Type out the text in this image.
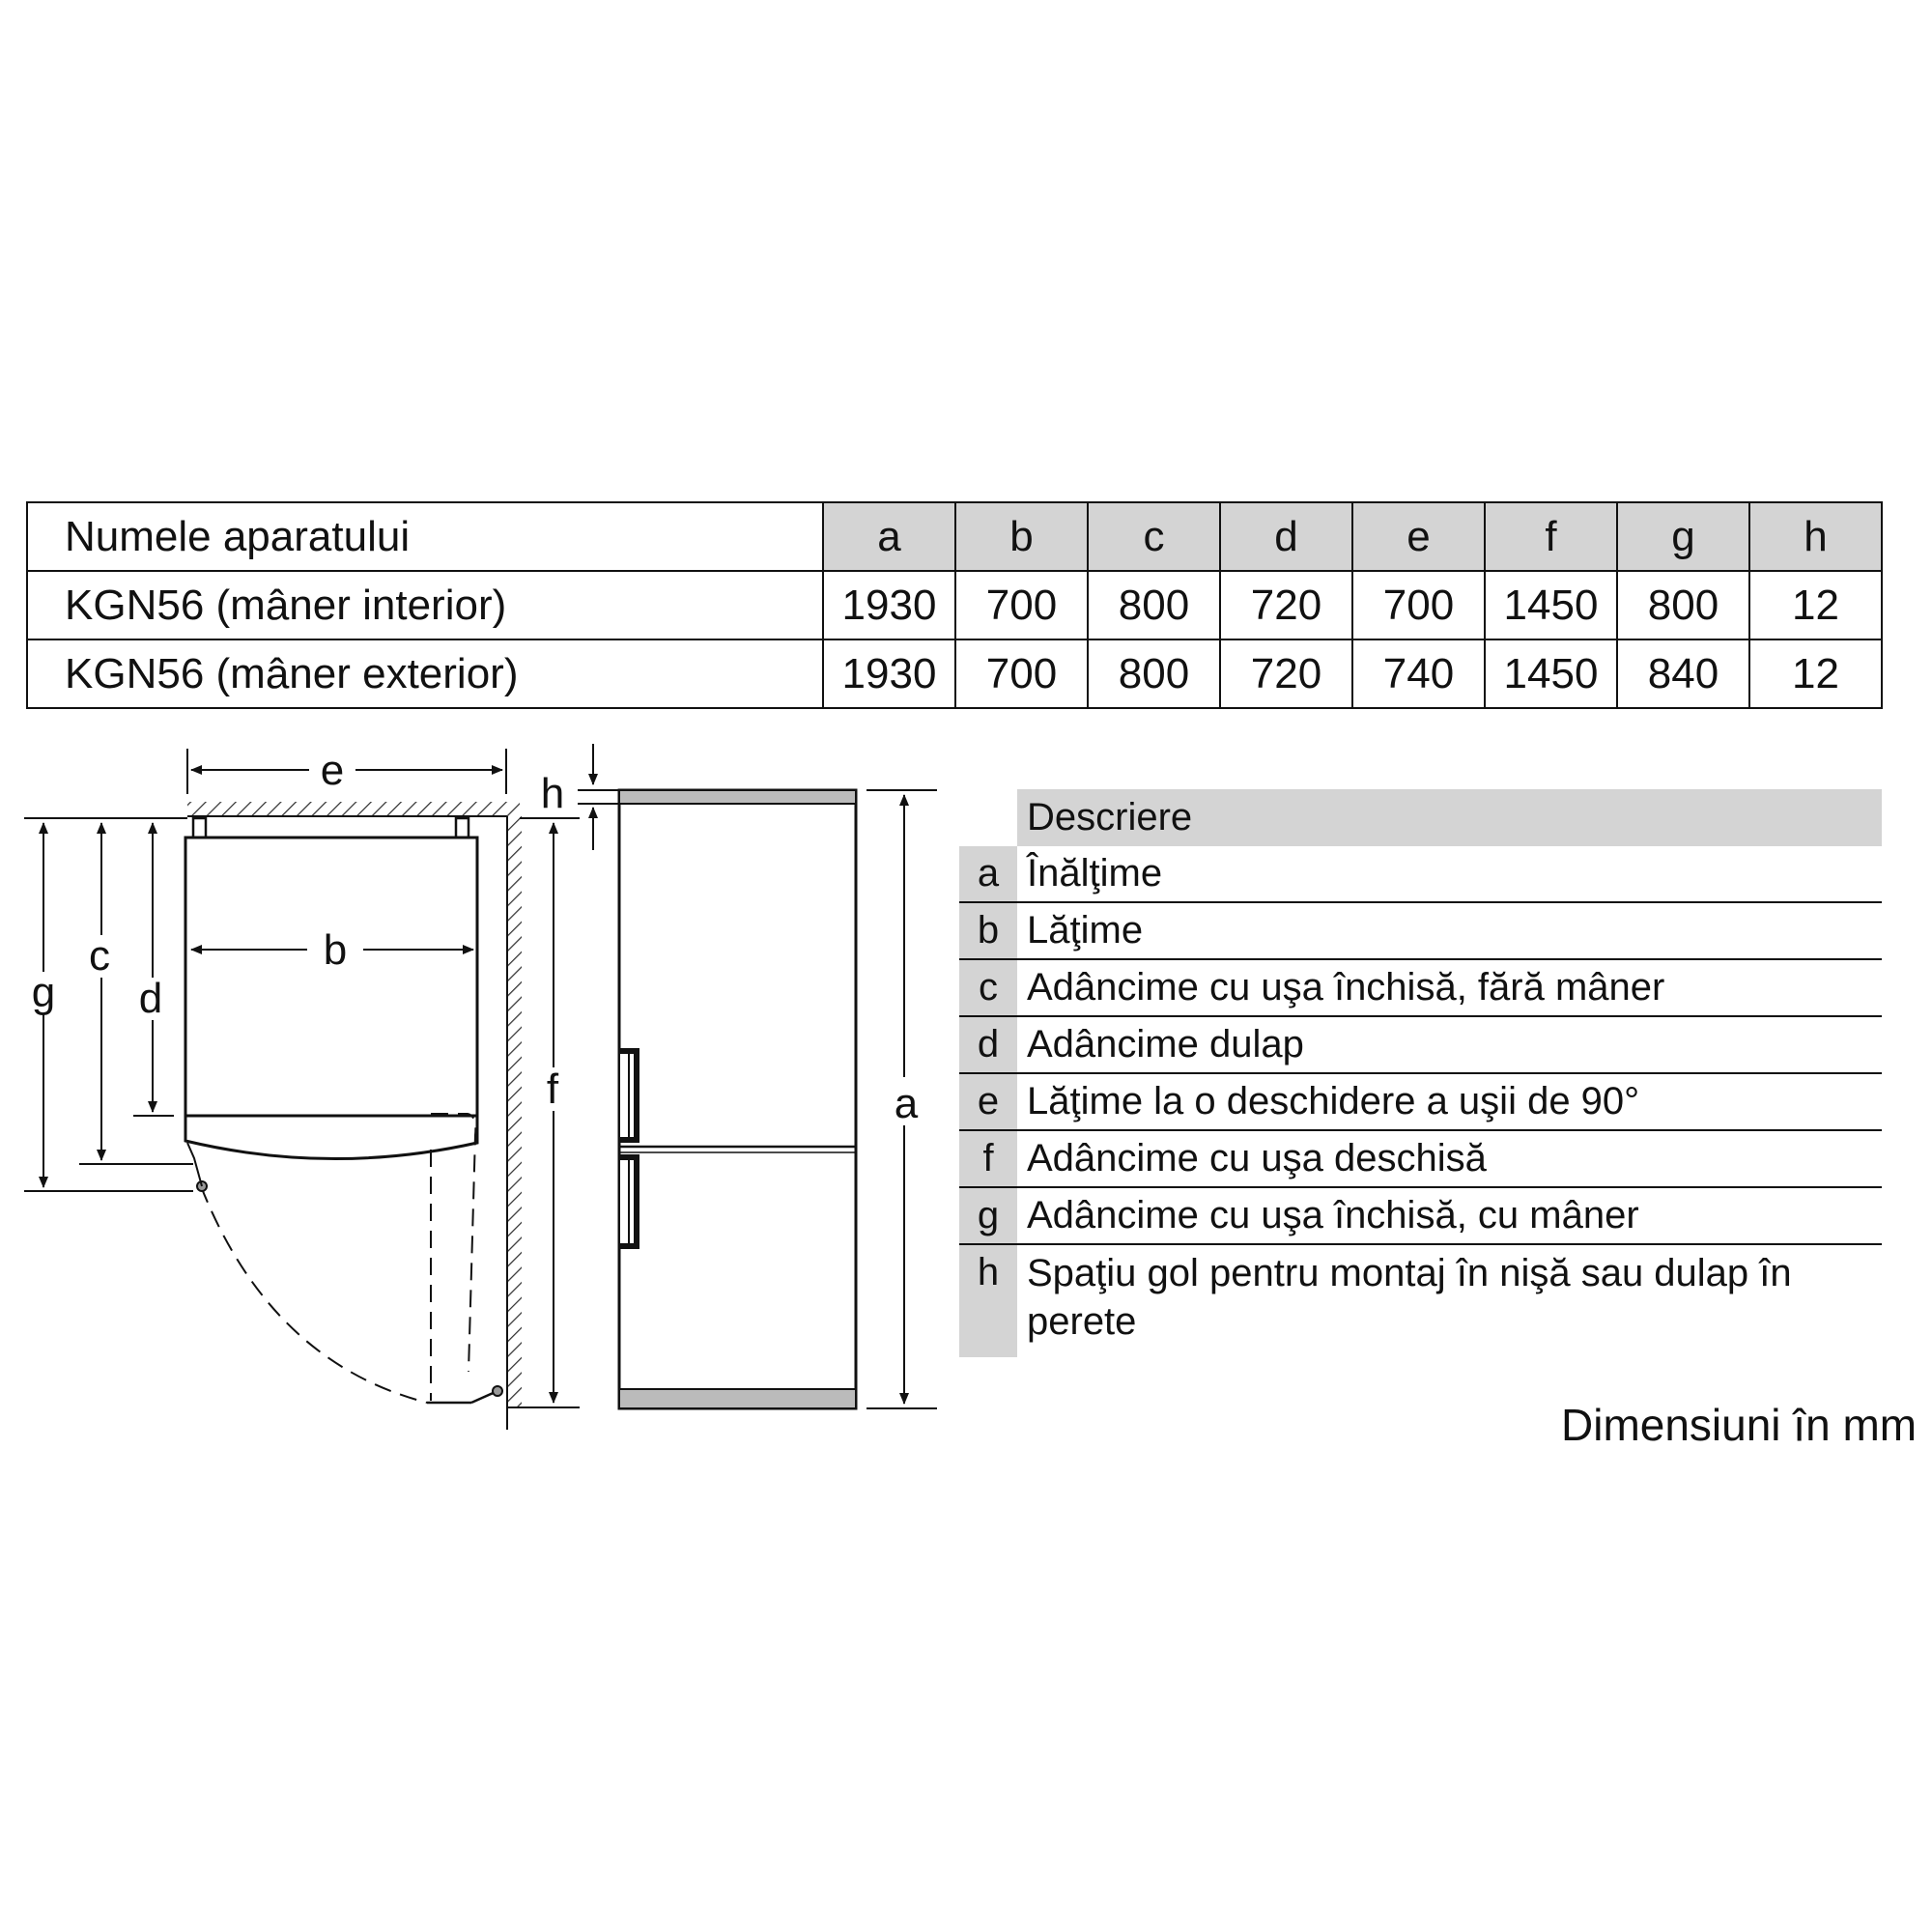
Numele aparatului	a	b	c	d	e	f	g	h
KGN56 (mâner interior)	1930	700	800	720	700	1450	800	12
KGN56 (mâner exterior)	1930	700	800	720	740	1450	840	12
e
b
g
c
d
f
h
a
Descriere
a Înălţime
b Lăţime
c Adâncime cu uşa închisă, fără mâner
d Adâncime dulap
e Lăţime la o deschidere a uşii de 90°
f Adâncime cu uşa deschisă
g Adâncime cu uşa închisă, cu mâner
h Spaţiu gol pentru montaj în nişă sau dulap în perete
Dimensiuni în mm
